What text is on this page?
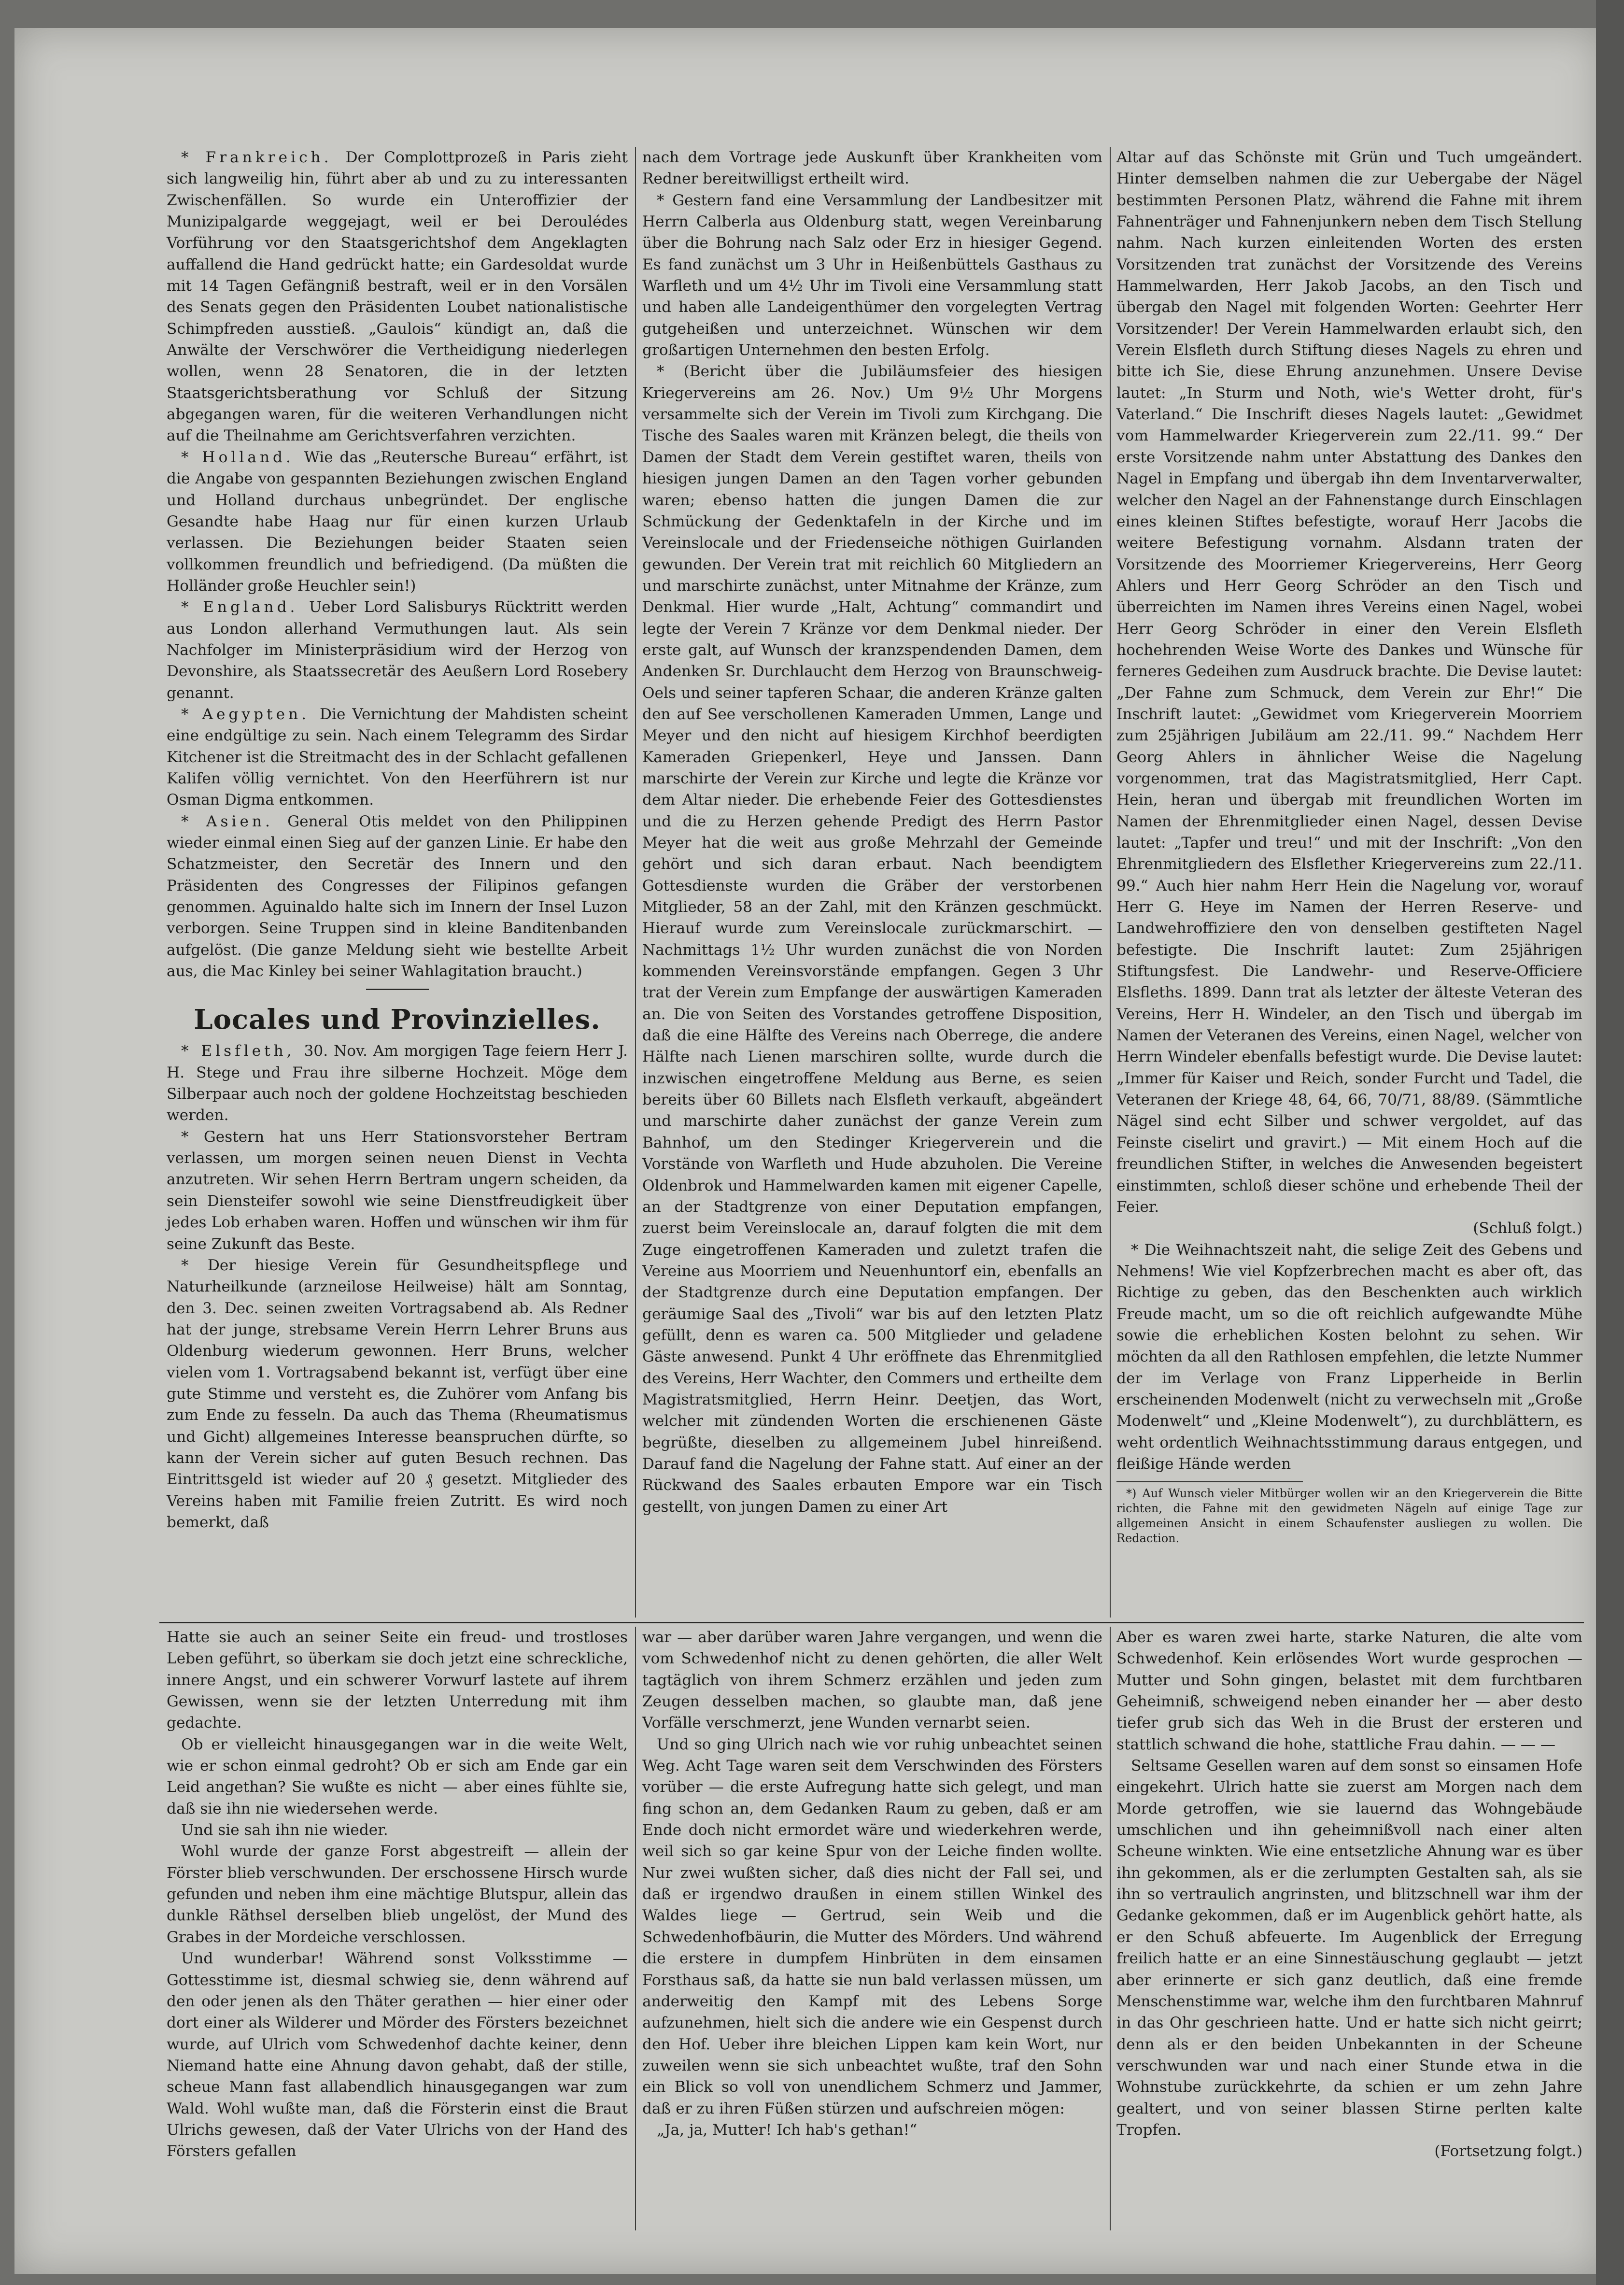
* Frankreich. Der Complottprozeß in Paris zieht sich langweilig hin, führt aber ab und zu zu interessanten Zwischenfällen. So wurde ein Unteroffizier der Munizipalgarde weggejagt, weil er bei Deroulédes Vorführung vor den Staatsgerichtshof dem Angeklagten auffallend die Hand gedrückt hatte; ein Gardesoldat wurde mit 14 Tagen Gefängniß bestraft, weil er in den Vorsälen des Senats gegen den Präsidenten Loubet nationalistische Schimpfreden ausstieß. „Gaulois“ kündigt an, daß die Anwälte der Verschwörer die Vertheidigung niederlegen wollen, wenn 28 Senatoren, die in der letzten Staatsgerichtsberathung vor Schluß der Sitzung abgegangen waren, für die weiteren Verhandlungen nicht auf die Theilnahme am Gerichtsverfahren verzichten.

* Holland. Wie das „Reutersche Bureau“ erfährt, ist die Angabe von gespannten Beziehungen zwischen England und Holland durchaus unbegründet. Der englische Gesandte habe Haag nur für einen kurzen Urlaub verlassen. Die Beziehungen beider Staaten seien vollkommen freundlich und befriedigend. (Da müßten die Holländer große Heuchler sein!)

* England. Ueber Lord Salisburys Rücktritt werden aus London allerhand Vermuthungen laut. Als sein Nachfolger im Ministerpräsidium wird der Herzog von Devonshire, als Staatssecretär des Aeußern Lord Rosebery genannt.

* Aegypten. Die Vernichtung der Mahdisten scheint eine endgültige zu sein. Nach einem Telegramm des Sirdar Kitchener ist die Streitmacht des in der Schlacht gefallenen Kalifen völlig vernichtet. Von den Heerführern ist nur Osman Digma entkommen.

* Asien. General Otis meldet von den Philippinen wieder einmal einen Sieg auf der ganzen Linie. Er habe den Schatzmeister, den Secretär des Innern und den Präsidenten des Congresses der Filipinos gefangen genommen. Aguinaldo halte sich im Innern der Insel Luzon verborgen. Seine Truppen sind in kleine Banditenbanden aufgelöst. (Die ganze Meldung sieht wie bestellte Arbeit aus, die Mac Kinley bei seiner Wahlagitation braucht.)

Locales und Provinzielles.

* Elsfleth, 30. Nov. Am morgigen Tage feiern Herr J. H. Stege und Frau ihre silberne Hochzeit. Möge dem Silberpaar auch noch der goldene Hochzeitstag beschieden werden.

* Gestern hat uns Herr Stationsvorsteher Bertram verlassen, um morgen seinen neuen Dienst in Vechta anzutreten. Wir sehen Herrn Bertram ungern scheiden, da sein Diensteifer sowohl wie seine Dienstfreudigkeit über jedes Lob erhaben waren. Hoffen und wünschen wir ihm für seine Zukunft das Beste.

* Der hiesige Verein für Gesundheitspflege und Naturheilkunde (arzneilose Heilweise) hält am Sonntag, den 3. Dec. seinen zweiten Vortragsabend ab. Als Redner hat der junge, strebsame Verein Herrn Lehrer Bruns aus Oldenburg wiederum gewonnen. Herr Bruns, welcher vielen vom 1. Vortragsabend bekannt ist, verfügt über eine gute Stimme und versteht es, die Zuhörer vom Anfang bis zum Ende zu fesseln. Da auch das Thema (Rheumatismus und Gicht) allgemeines Interesse beanspruchen dürfte, so kann der Verein sicher auf guten Besuch rechnen. Das Eintrittsgeld ist wieder auf 20 ₰ gesetzt. Mitglieder des Vereins haben mit Familie freien Zutritt. Es wird noch bemerkt, daß

nach dem Vortrage jede Auskunft über Krankheiten vom Redner bereitwilligst ertheilt wird.

* Gestern fand eine Versammlung der Landbesitzer mit Herrn Calberla aus Oldenburg statt, wegen Vereinbarung über die Bohrung nach Salz oder Erz in hiesiger Gegend. Es fand zunächst um 3 Uhr in Heißenbüttels Gasthaus zu Warfleth und um 4½ Uhr im Tivoli eine Versammlung statt und haben alle Landeigenthümer den vorgelegten Vertrag gutgeheißen und unterzeichnet. Wünschen wir dem großartigen Unternehmen den besten Erfolg.

* (Bericht über die Jubiläumsfeier des hiesigen Kriegervereins am 26. Nov.) Um 9½ Uhr Morgens versammelte sich der Verein im Tivoli zum Kirchgang. Die Tische des Saales waren mit Kränzen belegt, die theils von Damen der Stadt dem Verein gestiftet waren, theils von hiesigen jungen Damen an den Tagen vorher gebunden waren; ebenso hatten die jungen Damen die zur Schmückung der Gedenktafeln in der Kirche und im Vereinslocale und der Friedenseiche nöthigen Guirlanden gewunden. Der Verein trat mit reichlich 60 Mitgliedern an und marschirte zunächst, unter Mitnahme der Kränze, zum Denkmal. Hier wurde „Halt, Achtung“ commandirt und legte der Verein 7 Kränze vor dem Denkmal nieder. Der erste galt, auf Wunsch der kranzspendenden Damen, dem Andenken Sr. Durchlaucht dem Herzog von Braunschweig-Oels und seiner tapferen Schaar, die anderen Kränze galten den auf See verschollenen Kameraden Ummen, Lange und Meyer und den nicht auf hiesigem Kirchhof beerdigten Kameraden Griepenkerl, Heye und Janssen. Dann marschirte der Verein zur Kirche und legte die Kränze vor dem Altar nieder. Die erhebende Feier des Gottesdienstes und die zu Herzen gehende Predigt des Herrn Pastor Meyer hat die weit aus große Mehrzahl der Gemeinde gehört und sich daran erbaut. Nach beendigtem Gottesdienste wurden die Gräber der verstorbenen Mitglieder, 58 an der Zahl, mit den Kränzen geschmückt. Hierauf wurde zum Vereinslocale zurückmarschirt. — Nachmittags 1½ Uhr wurden zunächst die von Norden kommenden Vereinsvorstände empfangen. Gegen 3 Uhr trat der Verein zum Empfange der auswärtigen Kameraden an. Die von Seiten des Vorstandes getroffene Disposition, daß die eine Hälfte des Vereins nach Oberrege, die andere Hälfte nach Lienen marschiren sollte, wurde durch die inzwischen eingetroffene Meldung aus Berne, es seien bereits über 60 Billets nach Elsfleth verkauft, abgeändert und marschirte daher zunächst der ganze Verein zum Bahnhof, um den Stedinger Kriegerverein und die Vorstände von Warfleth und Hude abzuholen. Die Vereine Oldenbrok und Hammelwarden kamen mit eigener Capelle, an der Stadtgrenze von einer Deputation empfangen, zuerst beim Vereinslocale an, darauf folgten die mit dem Zuge eingetroffenen Kameraden und zuletzt trafen die Vereine aus Moorriem und Neuenhuntorf ein, ebenfalls an der Stadtgrenze durch eine Deputation empfangen. Der geräumige Saal des „Tivoli“ war bis auf den letzten Platz gefüllt, denn es waren ca. 500 Mitglieder und geladene Gäste anwesend. Punkt 4 Uhr eröffnete das Ehrenmitglied des Vereins, Herr Wachter, den Commers und ertheilte dem Magistratsmitglied, Herrn Heinr. Deetjen, das Wort, welcher mit zündenden Worten die erschienenen Gäste begrüßte, dieselben zu allgemeinem Jubel hinreißend. Darauf fand die Nagelung der Fahne statt. Auf einer an der Rückwand des Saales erbauten Empore war ein Tisch gestellt, von jungen Damen zu einer Art

Altar auf das Schönste mit Grün und Tuch umgeändert. Hinter demselben nahmen die zur Uebergabe der Nägel bestimmten Personen Platz, während die Fahne mit ihrem Fahnenträger und Fahnenjunkern neben dem Tisch Stellung nahm. Nach kurzen einleitenden Worten des ersten Vorsitzenden trat zunächst der Vorsitzende des Vereins Hammelwarden, Herr Jakob Jacobs, an den Tisch und übergab den Nagel mit folgenden Worten: Geehrter Herr Vorsitzender! Der Verein Hammelwarden erlaubt sich, den Verein Elsfleth durch Stiftung dieses Nagels zu ehren und bitte ich Sie, diese Ehrung anzunehmen. Unsere Devise lautet: „In Sturm und Noth, wie's Wetter droht, für's Vaterland.“ Die Inschrift dieses Nagels lautet: „Gewidmet vom Hammelwarder Kriegerverein zum 22./11. 99.“ Der erste Vorsitzende nahm unter Abstattung des Dankes den Nagel in Empfang und übergab ihn dem Inventarverwalter, welcher den Nagel an der Fahnenstange durch Einschlagen eines kleinen Stiftes befestigte, worauf Herr Jacobs die weitere Befestigung vornahm. Alsdann traten der Vorsitzende des Moorriemer Kriegervereins, Herr Georg Ahlers und Herr Georg Schröder an den Tisch und überreichten im Namen ihres Vereins einen Nagel, wobei Herr Georg Schröder in einer den Verein Elsfleth hochehrenden Weise Worte des Dankes und Wünsche für ferneres Gedeihen zum Ausdruck brachte. Die Devise lautet: „Der Fahne zum Schmuck, dem Verein zur Ehr!“ Die Inschrift lautet: „Gewidmet vom Kriegerverein Moorriem zum 25jährigen Jubiläum am 22./11. 99.“ Nachdem Herr Georg Ahlers in ähnlicher Weise die Nagelung vorgenommen, trat das Magistratsmitglied, Herr Capt. Hein, heran und übergab mit freundlichen Worten im Namen der Ehrenmitglieder einen Nagel, dessen Devise lautet: „Tapfer und treu!“ und mit der Inschrift: „Von den Ehrenmitgliedern des Elsflether Kriegervereins zum 22./11. 99.“ Auch hier nahm Herr Hein die Nagelung vor, worauf Herr G. Heye im Namen der Herren Reserve- und Landwehroffiziere den von denselben gestifteten Nagel befestigte. Die Inschrift lautet: Zum 25jährigen Stiftungsfest. Die Landwehr- und Reserve-Officiere Elsfleths. 1899. Dann trat als letzter der älteste Veteran des Vereins, Herr H. Windeler, an den Tisch und übergab im Namen der Veteranen des Vereins, einen Nagel, welcher von Herrn Windeler ebenfalls befestigt wurde. Die Devise lautet: „Immer für Kaiser und Reich, sonder Furcht und Tadel, die Veteranen der Kriege 48, 64, 66, 70/71, 88/89. (Sämmtliche Nägel sind echt Silber und schwer vergoldet, auf das Feinste ciselirt und gravirt.) — Mit einem Hoch auf die freundlichen Stifter, in welches die Anwesenden begeistert einstimmten, schloß dieser schöne und erhebende Theil der Feier.

(Schluß folgt.)

* Die Weihnachtszeit naht, die selige Zeit des Gebens und Nehmens! Wie viel Kopfzerbrechen macht es aber oft, das Richtige zu geben, das den Beschenkten auch wirklich Freude macht, um so die oft reichlich aufgewandte Mühe sowie die erheblichen Kosten belohnt zu sehen. Wir möchten da all den Rathlosen empfehlen, die letzte Nummer der im Verlage von Franz Lipperheide in Berlin erscheinenden Modenwelt (nicht zu verwechseln mit „Große Modenwelt“ und „Kleine Modenwelt“), zu durchblättern, es weht ordentlich Weihnachtsstimmung daraus entgegen, und fleißige Hände werden

*) Auf Wunsch vieler Mitbürger wollen wir an den Kriegerverein die Bitte richten, die Fahne mit den gewidmeten Nägeln auf einige Tage zur allgemeinen Ansicht in einem Schaufenster ausliegen zu wollen. Die Redaction.

Hatte sie auch an seiner Seite ein freud- und trostloses Leben geführt, so überkam sie doch jetzt eine schreckliche, innere Angst, und ein schwerer Vorwurf lastete auf ihrem Gewissen, wenn sie der letzten Unterredung mit ihm gedachte.

Ob er vielleicht hinausgegangen war in die weite Welt, wie er schon einmal gedroht? Ob er sich am Ende gar ein Leid angethan? Sie wußte es nicht — aber eines fühlte sie, daß sie ihn nie wiedersehen werde.

Und sie sah ihn nie wieder.

Wohl wurde der ganze Forst abgestreift — allein der Förster blieb verschwunden. Der erschossene Hirsch wurde gefunden und neben ihm eine mächtige Blutspur, allein das dunkle Räthsel derselben blieb ungelöst, der Mund des Grabes in der Mordeiche verschlossen.

Und wunderbar! Während sonst Volksstimme — Gottesstimme ist, diesmal schwieg sie, denn während auf den oder jenen als den Thäter gerathen — hier einer oder dort einer als Wilderer und Mörder des Försters bezeichnet wurde, auf Ulrich vom Schwedenhof dachte keiner, denn Niemand hatte eine Ahnung davon gehabt, daß der stille, scheue Mann fast allabendlich hinausgegangen war zum Wald. Wohl wußte man, daß die Försterin einst die Braut Ulrichs gewesen, daß der Vater Ulrichs von der Hand des Försters gefallen

war — aber darüber waren Jahre vergangen, und wenn die vom Schwedenhof nicht zu denen gehörten, die aller Welt tagtäglich von ihrem Schmerz erzählen und jeden zum Zeugen desselben machen, so glaubte man, daß jene Vorfälle verschmerzt, jene Wunden vernarbt seien.

Und so ging Ulrich nach wie vor ruhig unbeachtet seinen Weg. Acht Tage waren seit dem Verschwinden des Försters vorüber — die erste Aufregung hatte sich gelegt, und man fing schon an, dem Gedanken Raum zu geben, daß er am Ende doch nicht ermordet wäre und wiederkehren werde, weil sich so gar keine Spur von der Leiche finden wollte. Nur zwei wußten sicher, daß dies nicht der Fall sei, und daß er irgendwo draußen in einem stillen Winkel des Waldes liege — Gertrud, sein Weib und die Schwedenhofbäurin, die Mutter des Mörders. Und während die erstere in dumpfem Hinbrüten in dem einsamen Forsthaus saß, da hatte sie nun bald verlassen müssen, um anderweitig den Kampf mit des Lebens Sorge aufzunehmen, hielt sich die andere wie ein Gespenst durch den Hof. Ueber ihre bleichen Lippen kam kein Wort, nur zuweilen wenn sie sich unbeachtet wußte, traf den Sohn ein Blick so voll von unendlichem Schmerz und Jammer, daß er zu ihren Füßen stürzen und aufschreien mögen:

„Ja, ja, Mutter! Ich hab's gethan!“

Aber es waren zwei harte, starke Naturen, die alte vom Schwedenhof. Kein erlösendes Wort wurde gesprochen — Mutter und Sohn gingen, belastet mit dem furchtbaren Geheimniß, schweigend neben einander her — aber desto tiefer grub sich das Weh in die Brust der ersteren und stattlich schwand die hohe, stattliche Frau dahin. — — —

Seltsame Gesellen waren auf dem sonst so einsamen Hofe eingekehrt. Ulrich hatte sie zuerst am Morgen nach dem Morde getroffen, wie sie lauernd das Wohngebäude umschlichen und ihn geheimnißvoll nach einer alten Scheune winkten. Wie eine entsetzliche Ahnung war es über ihn gekommen, als er die zerlumpten Gestalten sah, als sie ihn so vertraulich angrinsten, und blitzschnell war ihm der Gedanke gekommen, daß er im Augenblick gehört hatte, als er den Schuß abfeuerte. Im Augenblick der Erregung freilich hatte er an eine Sinnestäuschung geglaubt — jetzt aber erinnerte er sich ganz deutlich, daß eine fremde Menschenstimme war, welche ihm den furchtbaren Mahnruf in das Ohr geschrieen hatte. Und er hatte sich nicht geirrt; denn als er den beiden Unbekannten in der Scheune verschwunden war und nach einer Stunde etwa in die Wohnstube zurückkehrte, da schien er um zehn Jahre gealtert, und von seiner blassen Stirne perlten kalte Tropfen.

(Fortsetzung folgt.)
